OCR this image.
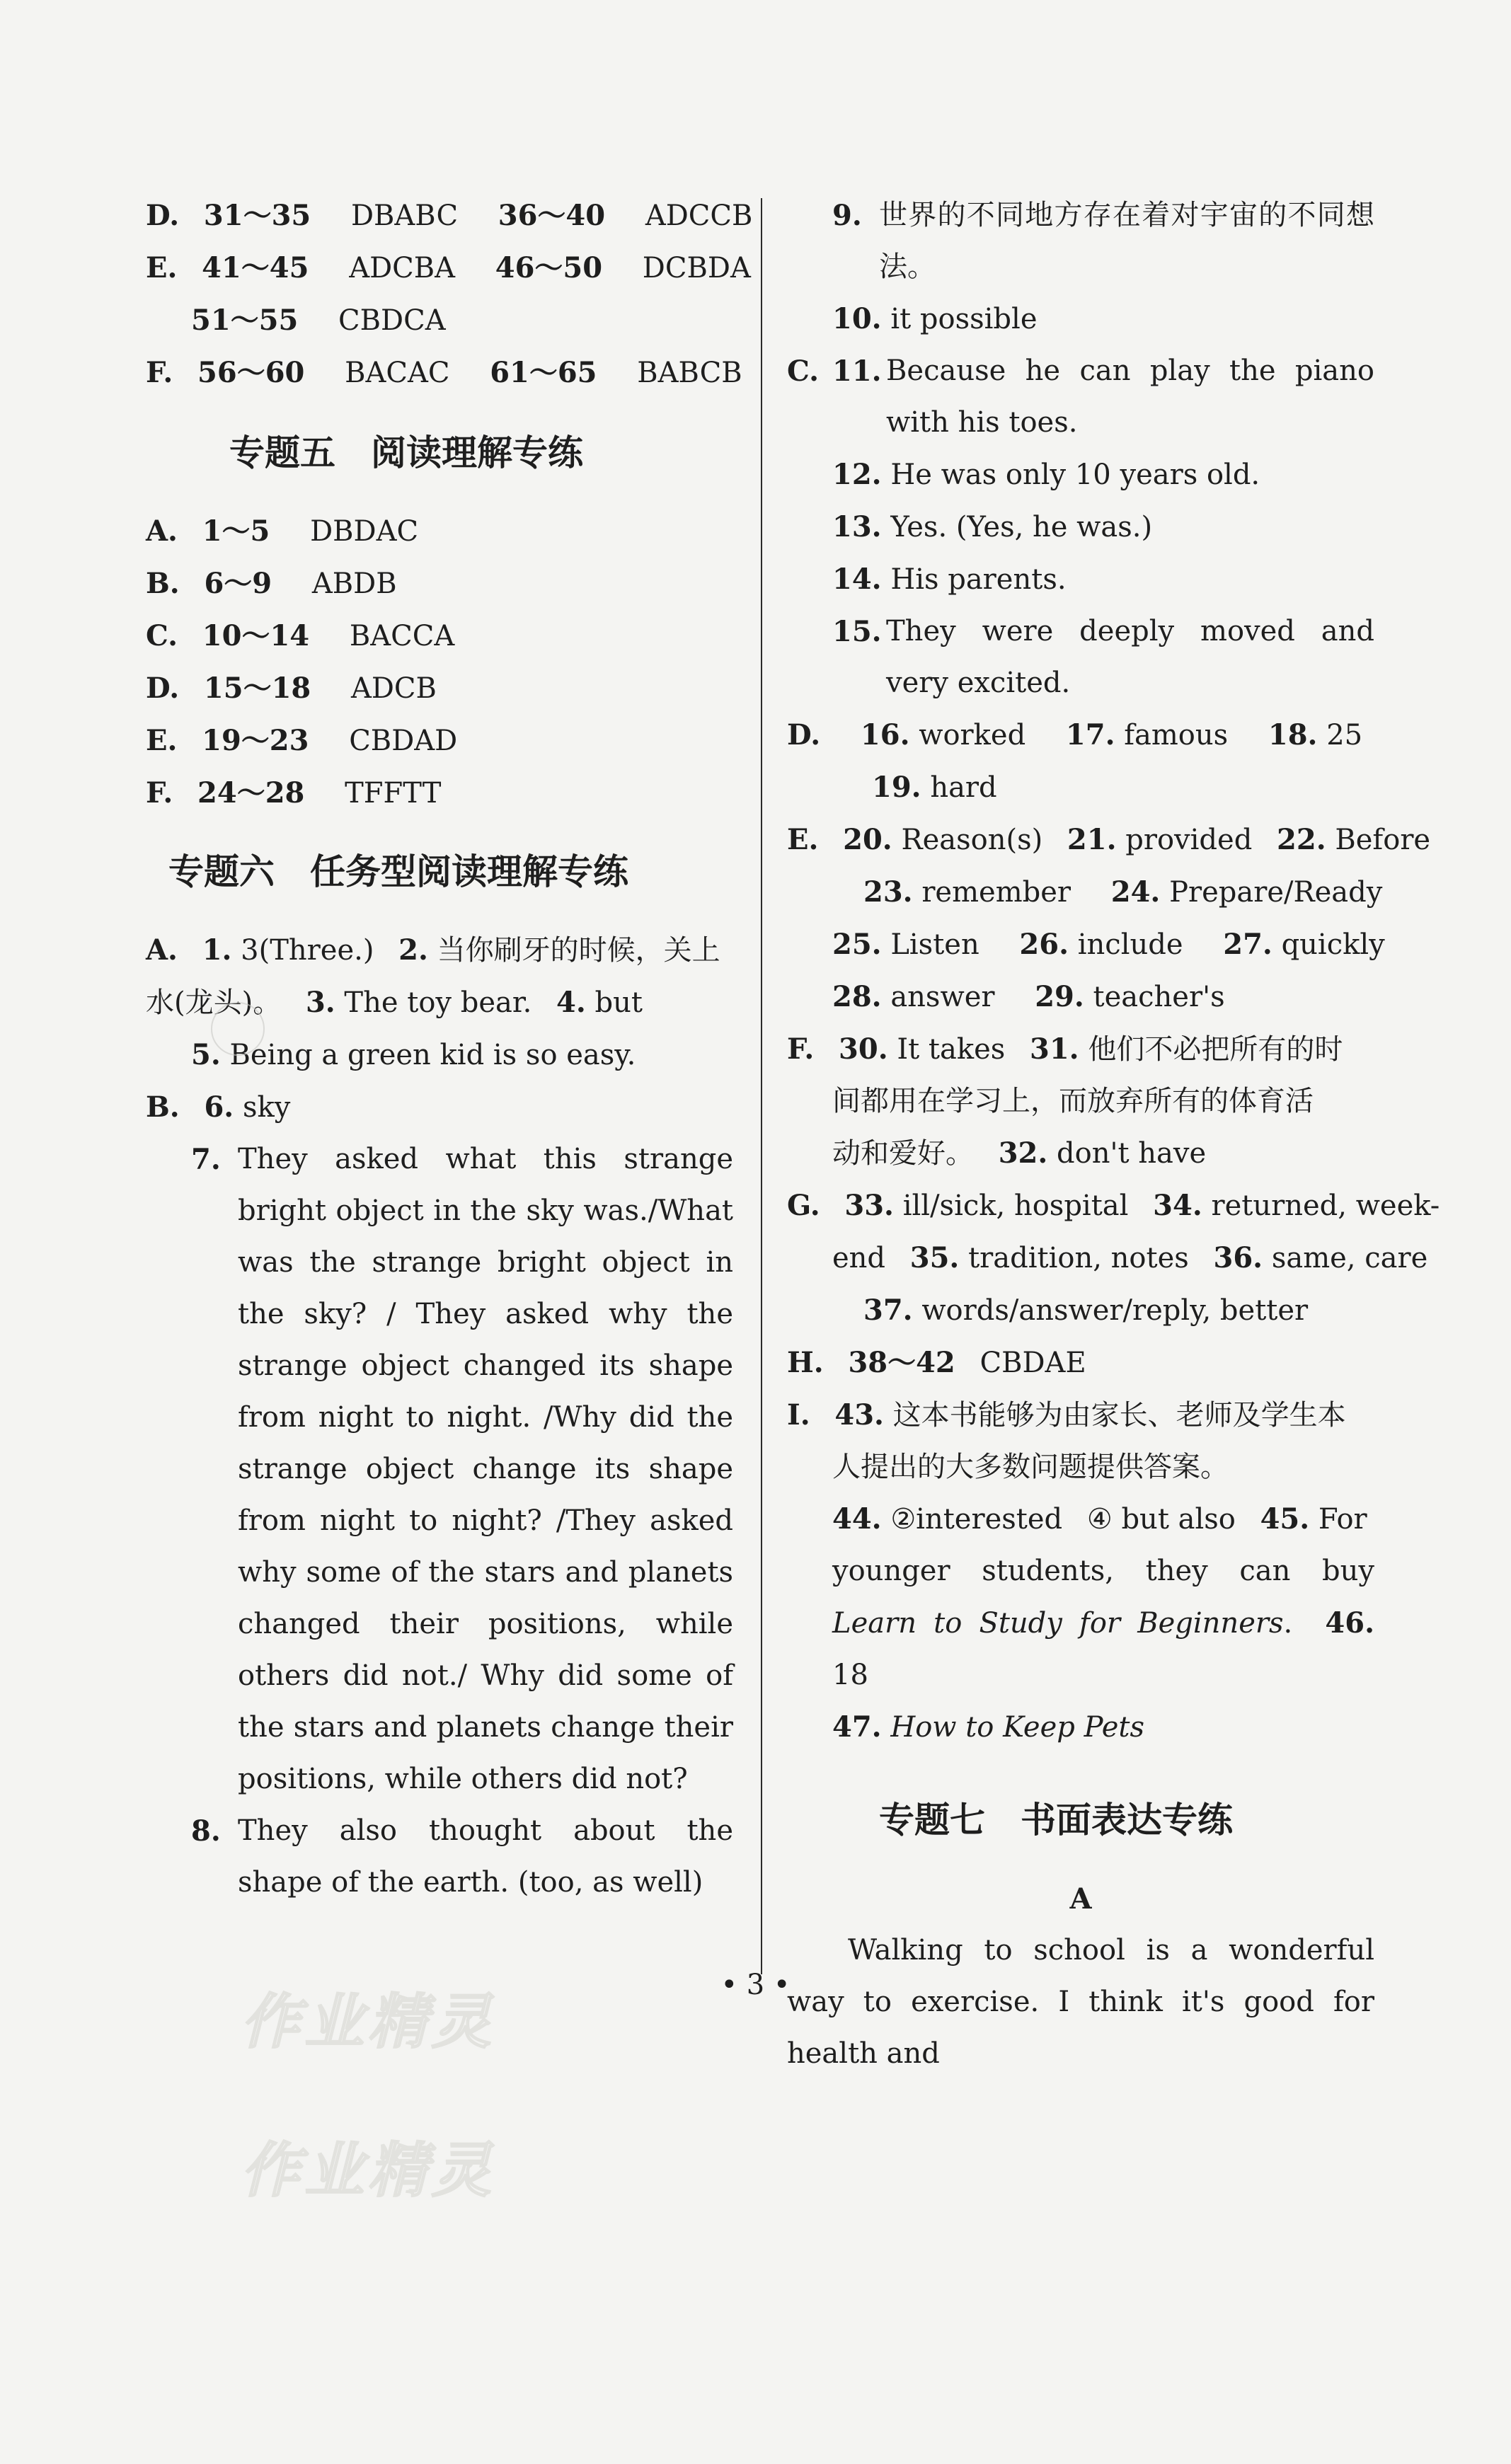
D. 31～35 DBABC 36～40 ADCCB
E. 41～45 ADCBA 46～50 DCBDA
51～55 CBDCA
F. 56～60 BACAC 61～65 BABCB
专题五　阅读理解专练
A. 1～5 DBDAC
B. 6～9 ABDB
C. 10～14 BACCA
D. 15～18 ADCB
E. 19～23 CBDAD
F. 24～28 TFFTT
专题六　任务型阅读理解专练
A. 1. 3(Three.) 2. 当你刷牙的时候，关上
水(龙头)。 3. The toy bear. 4. but
5. Being a green kid is so easy.
B. 6. sky
7. They asked what this strange bright object in the sky was./What was the strange bright object in the sky? / They asked why the strange object changed its shape from night to night. /Why did the strange object change its shape from night to night? /They asked why some of the stars and planets changed their positions, while others did not./ Why did some of the stars and planets change their positions, while others did not?
8. They also thought about the shape of the earth. (too, as well)
9. 世界的不同地方存在着对宇宙的不同想法。
10. it possible
C. 11. Because he can play the piano with his toes.
12. He was only 10 years old.
13. Yes. (Yes, he was.)
14. His parents.
15. They were deeply moved and very excited.
D. 16. worked 17. famous 18. 25
19. hard
E. 20. Reason(s) 21. provided 22. Before
23. remember 24. Prepare/Ready
25. Listen 26. include 27. quickly
28. answer 29. teacher's
F. 30. It takes 31. 他们不必把所有的时
间都用在学习上，而放弃所有的体育活
动和爱好。 32. don't have
G. 33. ill/sick, hospital 34. returned, week-
end 35. tradition, notes 36. same, care
37. words/answer/reply, better
H. 38～42 CBDAE
I. 43. 这本书能够为由家长、老师及学生本
人提出的大多数问题提供答案。
44. ②interested ④ but also 45. For
younger students, they can buy Learn to Study for Beginners. 46. 18
47. How to Keep Pets
专题七　书面表达专练
A
Walking to school is a wonderful way to exercise. I think it's good for health and
• 3 •
作业精灵
作业精灵
